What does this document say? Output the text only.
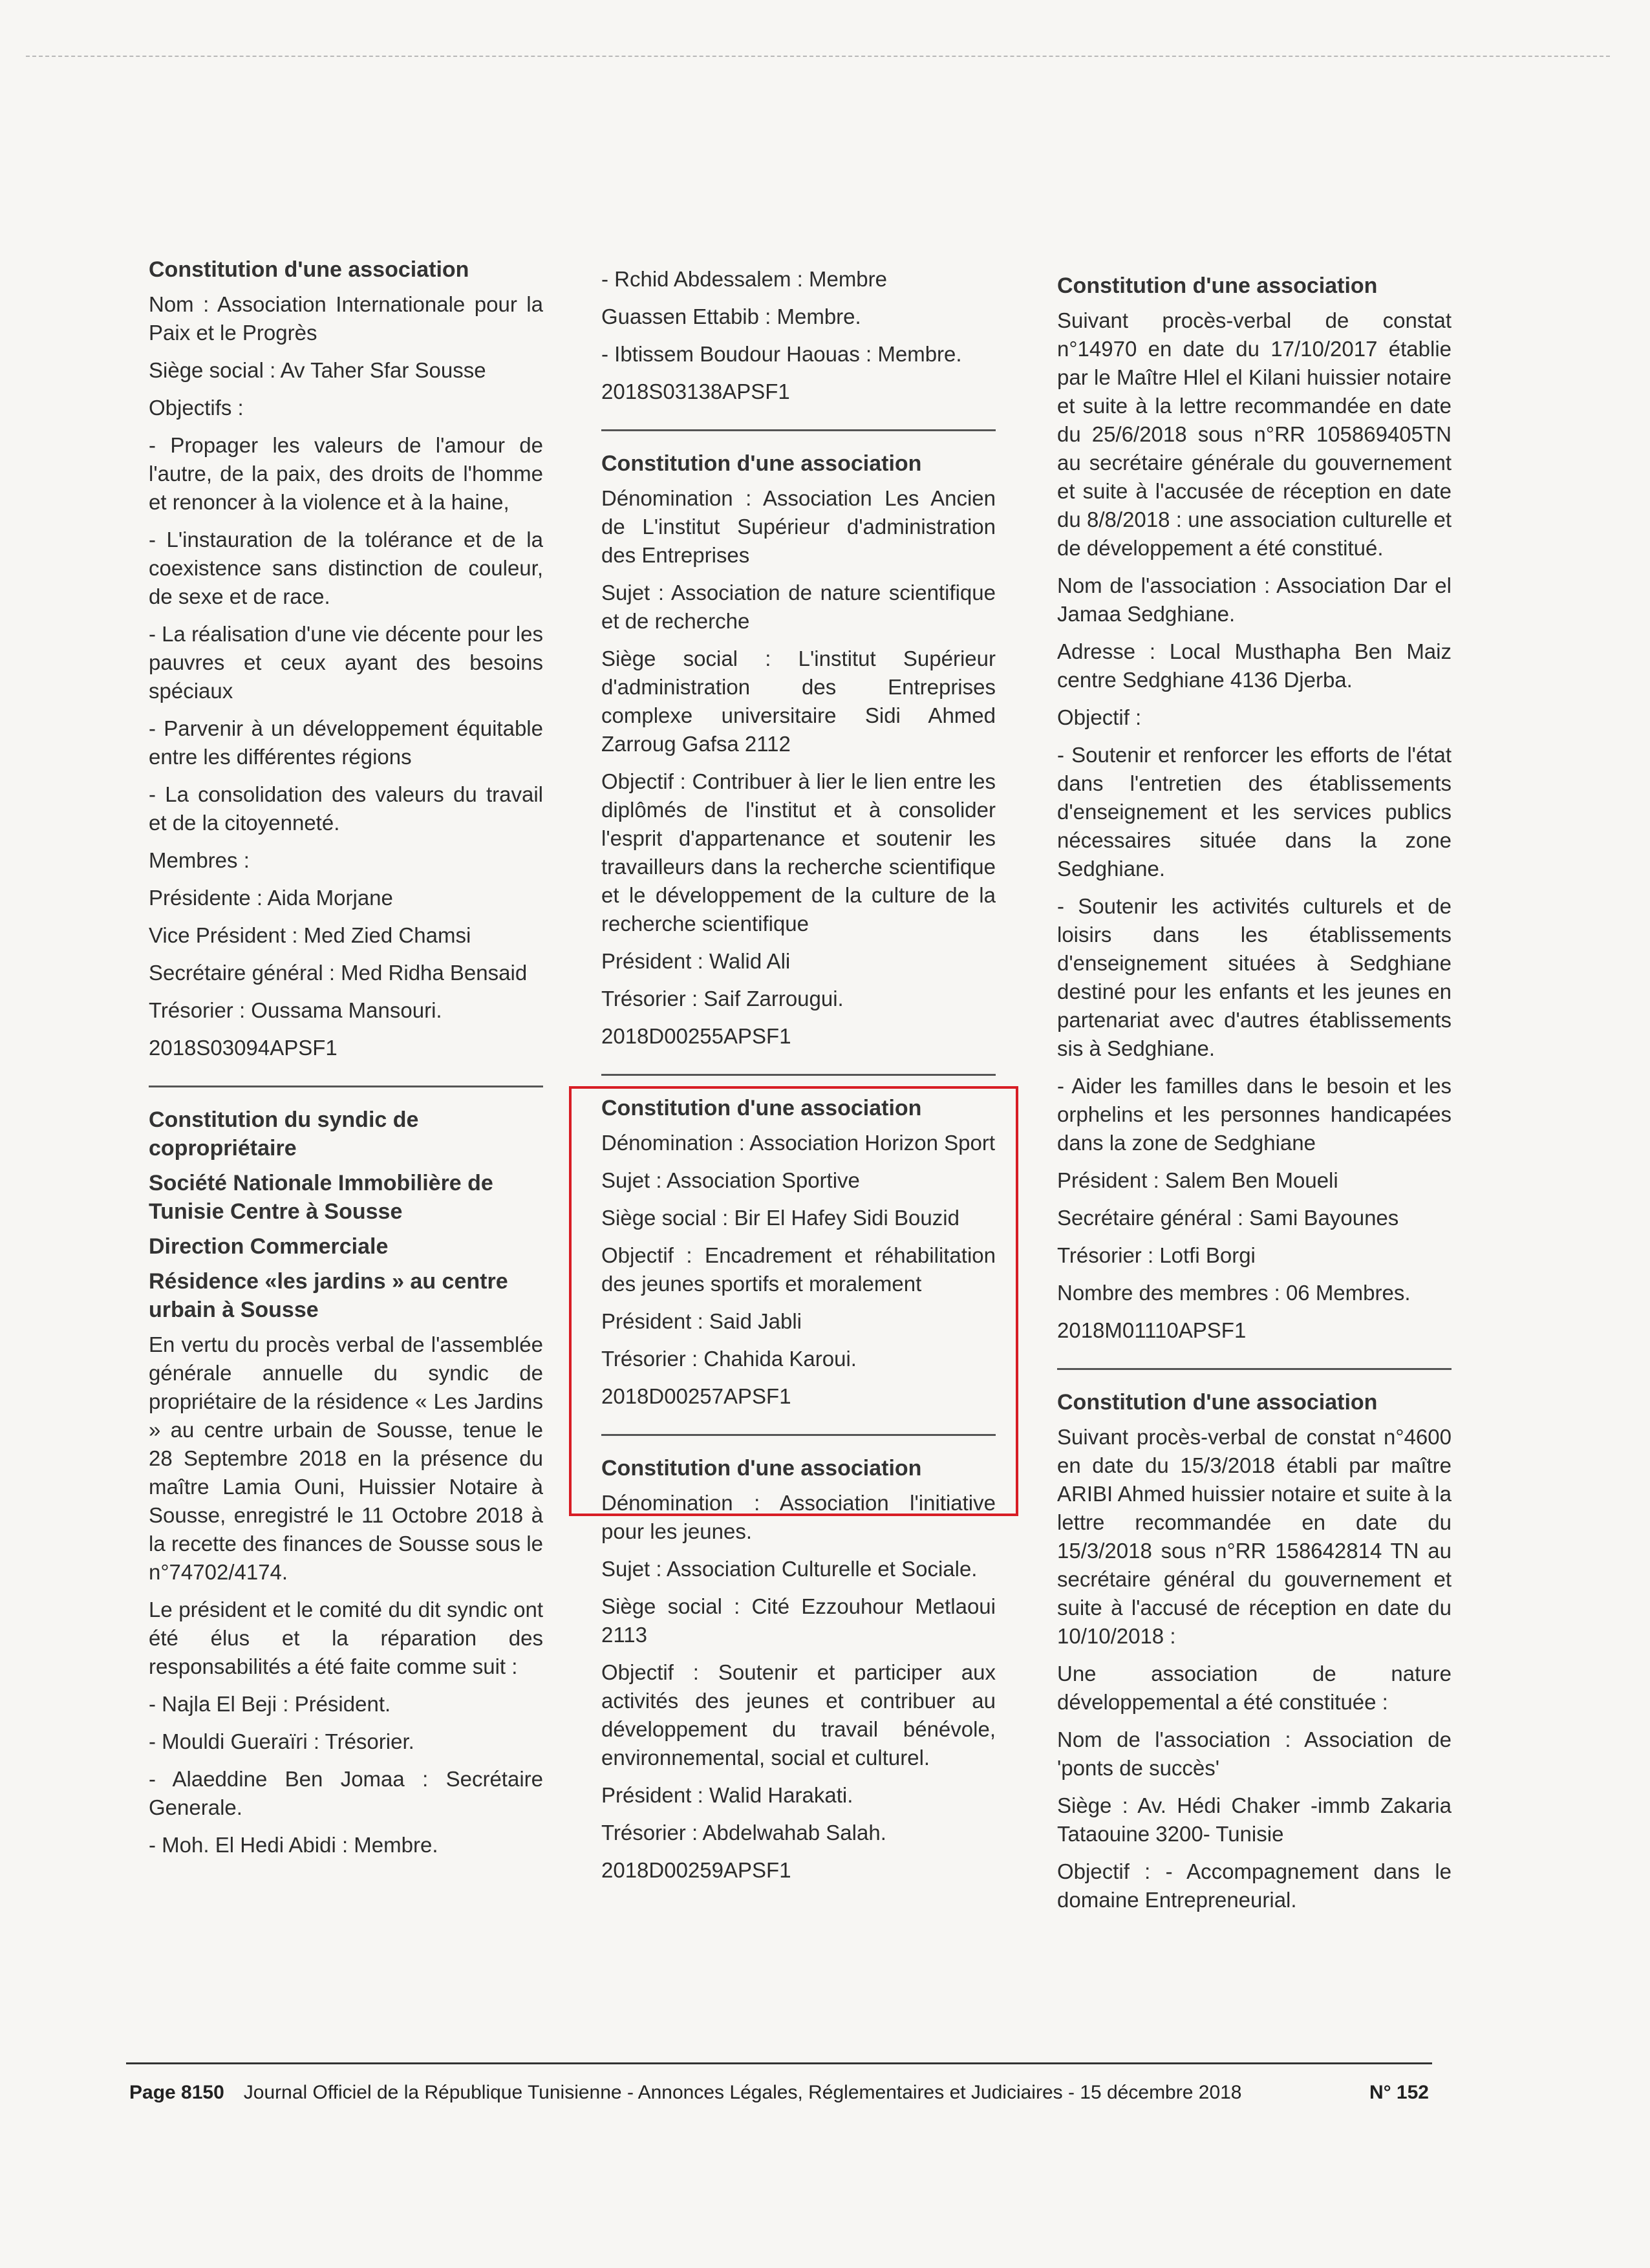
Constitution d'une association

Nom : Association Internationale pour la Paix et le Progrès

Siège social : Av Taher Sfar Sousse

Objectifs :

- Propager les valeurs de l'amour de l'autre, de la paix, des droits de l'homme et renoncer à la violence et à la haine,

- L'instauration de la tolérance et de la coexistence sans distinction de couleur, de sexe et de race.

- La réalisation d'une vie décente pour les pauvres et ceux ayant des besoins spéciaux

- Parvenir à un développement équitable entre les différentes régions

- La consolidation des valeurs du travail et de la citoyenneté.

Membres :

Présidente : Aida Morjane

Vice Président : Med Zied Chamsi

Secrétaire général : Med Ridha Bensaid

Trésorier : Oussama Mansouri.

2018S03094APSF1

Constitution du syndic de copropriétaire
Société Nationale Immobilière de Tunisie Centre à Sousse
Direction Commerciale
Résidence «les jardins » au centre urbain à Sousse

En vertu du procès verbal de l'assemblée générale annuelle du syndic de propriétaire de la résidence « Les Jardins » au centre urbain de Sousse, tenue le 28 Septembre 2018 en la présence du maître Lamia Ouni, Huissier Notaire à Sousse, enregistré le 11 Octobre 2018 à la recette des finances de Sousse sous le n°74702/4174.

Le président et le comité du dit syndic ont été élus et la réparation des responsabilités a été faite comme suit :

- Najla El Beji : Président.

- Mouldi Gueraïri : Trésorier.

- Alaeddine Ben Jomaa : Secrétaire Generale.

- Moh. El Hedi Abidi : Membre.

- Rchid Abdessalem : Membre

Guassen Ettabib : Membre.

- Ibtissem Boudour Haouas : Membre.

2018S03138APSF1

Constitution d'une association

Dénomination : Association Les Ancien de L'institut Supérieur d'administration des Entreprises

Sujet : Association de nature scientifique et de recherche

Siège social : L'institut Supérieur d'administration des Entreprises complexe universitaire Sidi Ahmed Zarroug Gafsa 2112

Objectif : Contribuer à lier le lien entre les diplômés de l'institut et à consolider l'esprit d'appartenance et soutenir les travailleurs dans la recherche scientifique et le développement de la culture de la recherche scientifique

Président : Walid Ali

Trésorier : Saif Zarrougui.

2018D00255APSF1

Constitution d'une association

Dénomination : Association Horizon Sport

Sujet : Association Sportive

Siège social : Bir El Hafey Sidi Bouzid

Objectif : Encadrement et réhabilitation des jeunes sportifs et moralement

Président : Said Jabli

Trésorier : Chahida Karoui.

2018D00257APSF1

Constitution d'une association

Dénomination : Association l'initiative pour les jeunes.

Sujet : Association Culturelle et Sociale.

Siège social : Cité Ezzouhour Metlaoui 2113

Objectif : Soutenir et participer aux activités des jeunes et contribuer au développement du travail bénévole, environnemental, social et culturel.

Président : Walid Harakati.

Trésorier : Abdelwahab Salah.

2018D00259APSF1

Constitution d'une association

Suivant procès-verbal de constat n°14970 en date du 17/10/2017 établie par le Maître Hlel el Kilani huissier notaire et suite à la lettre recommandée en date du 25/6/2018 sous n°RR 105869405TN au secrétaire générale du gouvernement et suite à l'accusée de réception en date du 8/8/2018 : une association culturelle et de développement a été constitué.

Nom de l'association : Association Dar el Jamaa Sedghiane.

Adresse : Local Musthapha Ben Maiz centre Sedghiane 4136 Djerba.

Objectif :

- Soutenir et renforcer les efforts de l'état dans l'entretien des établissements d'enseignement et les services publics nécessaires située dans la zone Sedghiane.

- Soutenir les activités culturels et de loisirs dans les établissements d'enseignement situées à Sedghiane destiné pour les enfants et les jeunes en partenariat avec d'autres établissements sis à Sedghiane.

- Aider les familles dans le besoin et les orphelins et les personnes handicapées dans la zone de Sedghiane

Président : Salem Ben Moueli

Secrétaire général : Sami Bayounes

Trésorier : Lotfi Borgi

Nombre des membres : 06 Membres.

2018M01110APSF1

Constitution d'une association

Suivant procès-verbal de constat n°4600 en date du 15/3/2018 établi par maître ARIBI Ahmed huissier notaire et suite à la lettre recommandée en date du 15/3/2018 sous n°RR 158642814 TN au secrétaire général du gouvernement et suite à l'accusé de réception en date du 10/10/2018 :

Une association de nature développemental a été constituée :

Nom de l'association : Association de 'ponts de succès'

Siège : Av. Hédi Chaker -immb Zakaria Tataouine 3200- Tunisie

Objectif : - Accompagnement dans le domaine Entrepreneurial.

Page 8150 Journal Officiel de la République Tunisienne - Annonces Légales, Réglementaires et Judiciaires - 15 décembre 2018	N° 152
